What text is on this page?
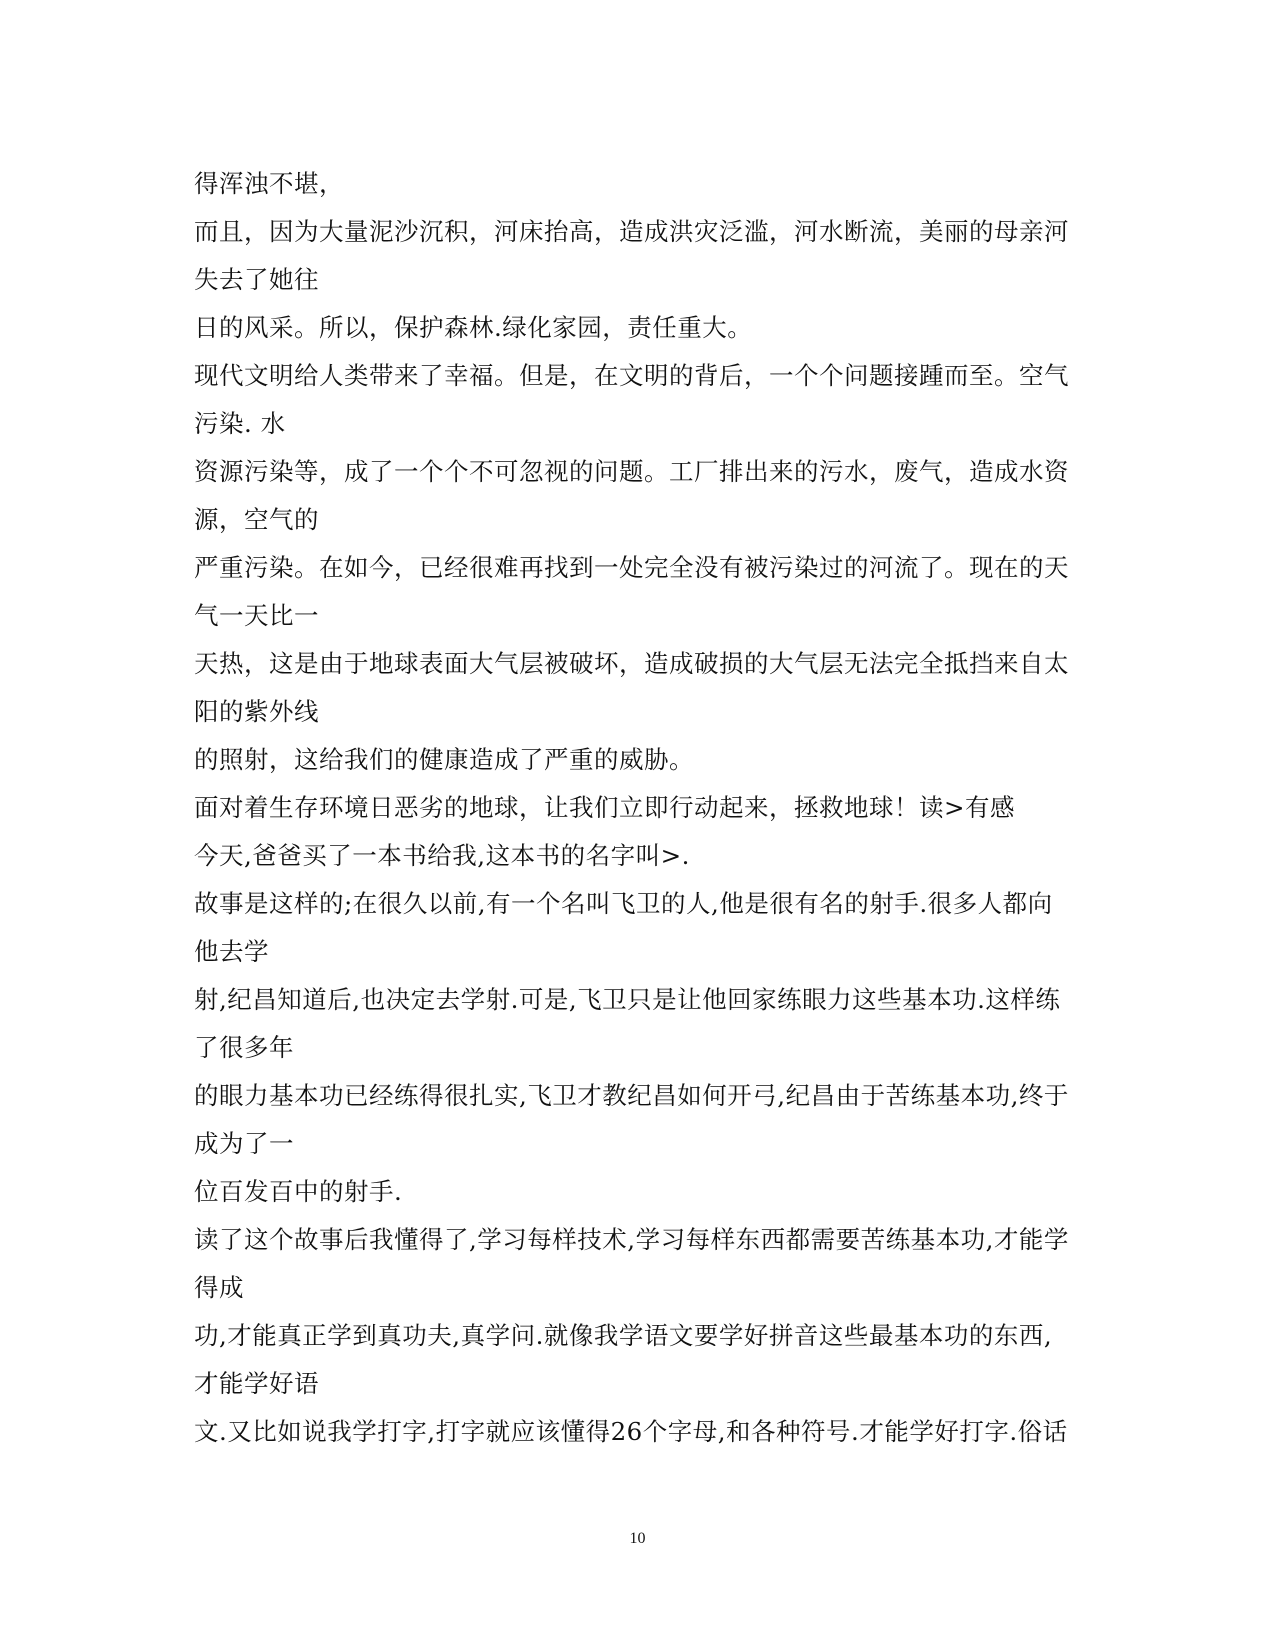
得浑浊不堪，
而且，因为大量泥沙沉积，河床抬高，造成洪灾泛滥，河水断流，美丽的母亲河
失去了她往
日的风采。所以，保护森林.绿化家园，责任重大。
现代文明给人类带来了幸福。但是，在文明的背后，一个个问题接踵而至。空气
污染. 水
资源污染等，成了一个个不可忽视的问题。工厂排出来的污水，废气，造成水资
源，空气的
严重污染。在如今，已经很难再找到一处完全没有被污染过的河流了。现在的天
气一天比一
天热，这是由于地球表面大气层被破坏，造成破损的大气层无法完全抵挡来自太
阳的紫外线
的照射，这给我们的健康造成了严重的威胁。
面对着生存环境日恶劣的地球，让我们立即行动起来，拯救地球！读>有感
今天,爸爸买了一本书给我,这本书的名字叫>.
故事是这样的;在很久以前,有一个名叫飞卫的人,他是很有名的射手.很多人都向
他去学
射,纪昌知道后,也决定去学射.可是,飞卫只是让他回家练眼力这些基本功.这样练
了很多年
的眼力基本功已经练得很扎实,飞卫才教纪昌如何开弓,纪昌由于苦练基本功,终于
成为了一
位百发百中的射手.
读了这个故事后我懂得了,学习每样技术,学习每样东西都需要苦练基本功,才能学
得成
功,才能真正学到真功夫,真学问.就像我学语文要学好拼音这些最基本功的东西,
才能学好语
文.又比如说我学打字,打字就应该懂得26个字母,和各种符号.才能学好打字.俗话
10
